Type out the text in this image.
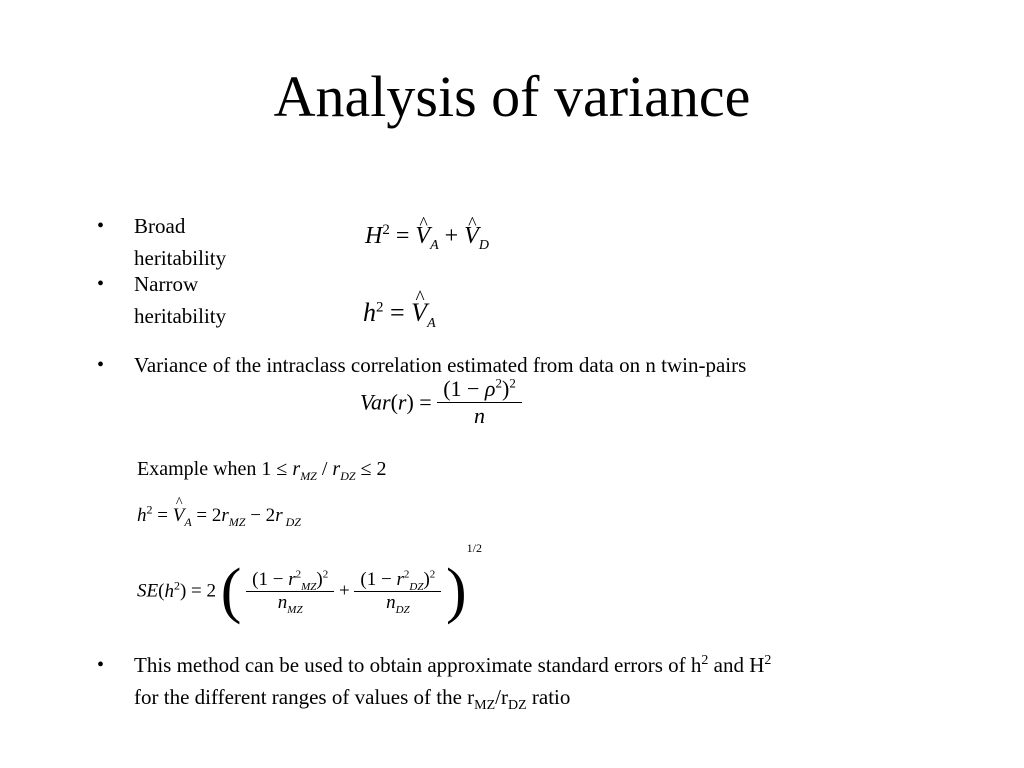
Analysis of variance
• Broad heritability
$H^2$ = ^ $V_A$ + ^ $V_D$
• Narrow heritability	$h^2$ = ^ $V_A$
• Variance of the intraclass correlation estimated from data on n twin-pairs
$Var(r) = \frac{(1 - \rho^2)^2}{n}$
Example when $1 \le r_{MZ} / r_{DZ} \le 2$
$h^2$ = ^ $V_A = 2r_{MZ} - 2r$ $_{DZ}$
$SE(h^2) = 2$ ( $\frac{(1 - r^2_{MZ})^2}{n_{MZ}} + \frac{(1 - r^2_{DZ})^2}{n_{DZ}} )^{1/2}$
• This method can be used to obtain approximate standard errors of $h^2$ and $H^2$
for the different ranges of values of the $r_{MZ}/r_{DZ}$ ratio
